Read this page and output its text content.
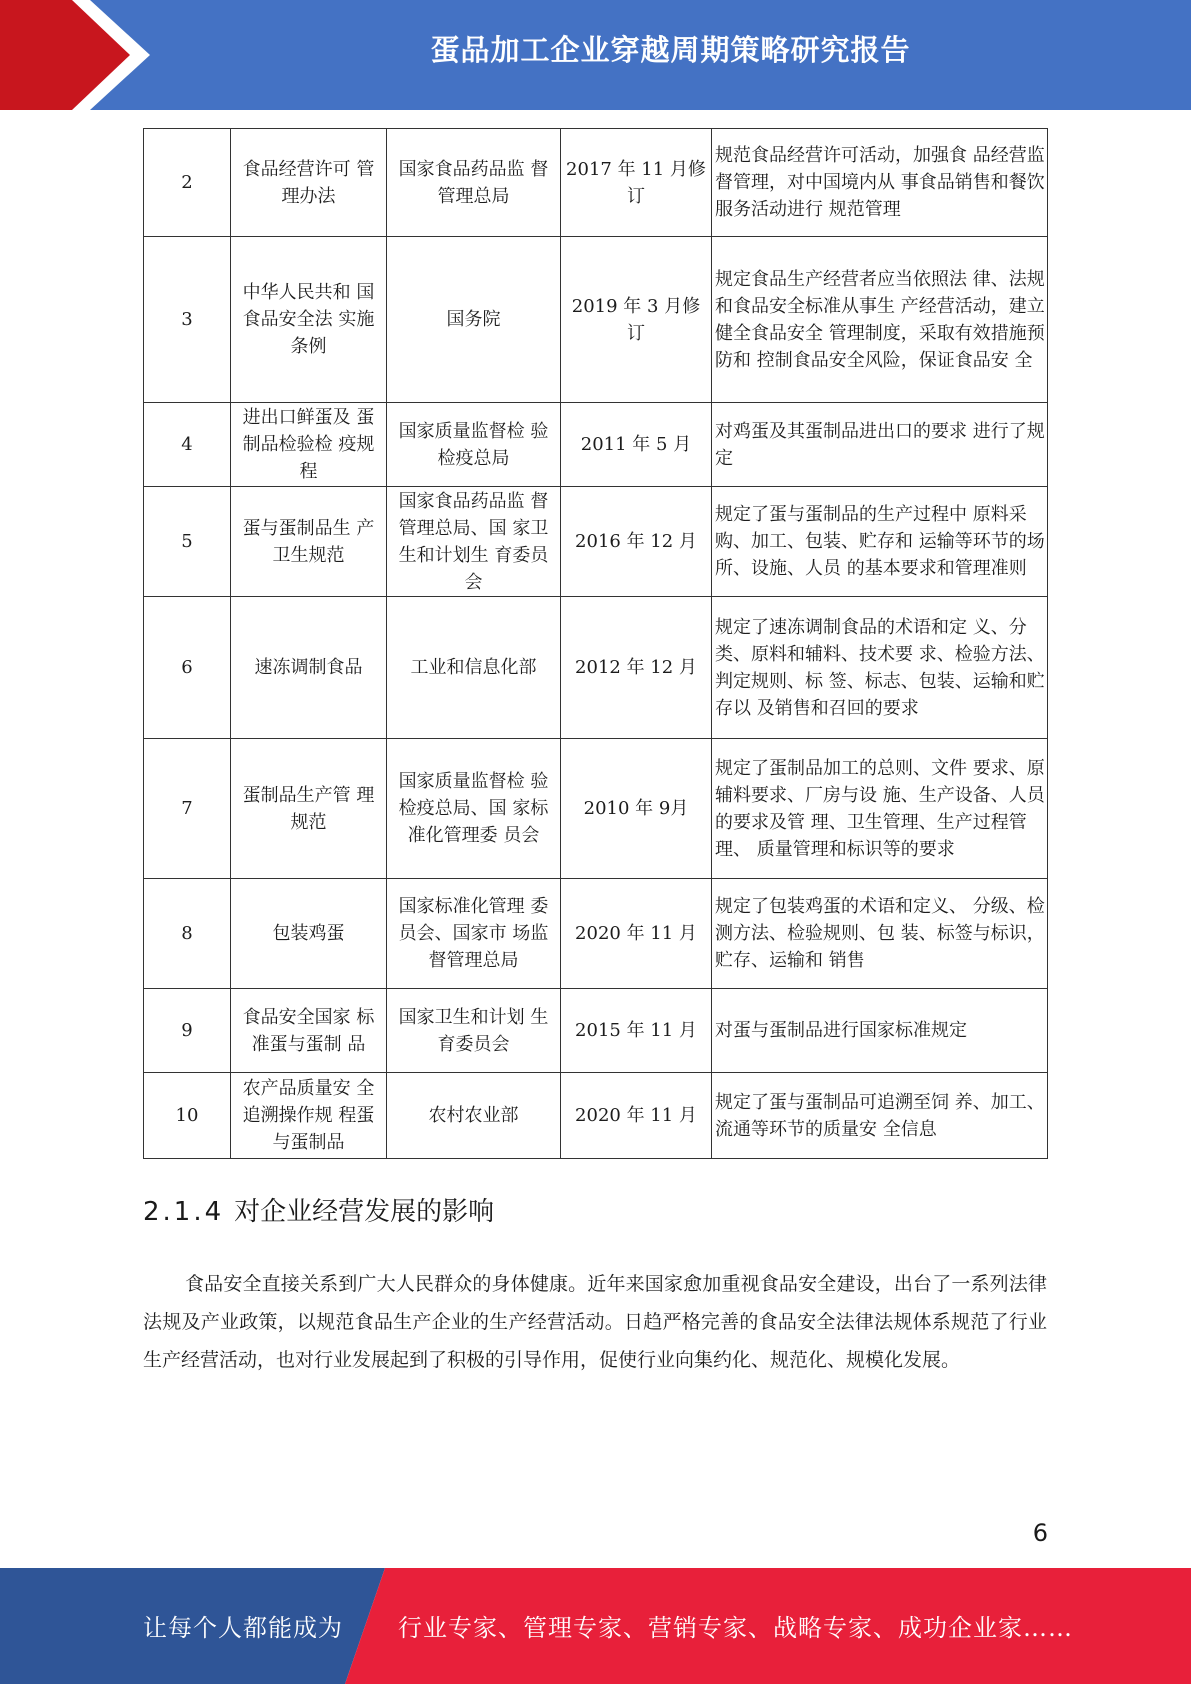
蛋品加工企业穿越周期策略研究报告
2	食品经营许可 管理办法	国家食品药品监 督管理总局	2017 年 11 月修订	规范食品经营许可活动，加强食 品经营监督管理，对中国境内从 事食品销售和餐饮服务活动进行 规范管理
3	中华人民共和 国食品安全法 实施条例	国务院	2019 年 3 月修订	规定食品生产经营者应当依照法 律、法规和食品安全标准从事生 产经营活动，建立健全食品安全 管理制度，采取有效措施预防和 控制食品安全风险，保证食品安 全
4	进出口鲜蛋及 蛋制品检验检 疫规程	国家质量监督检 验检疫总局	2011 年 5 月	对鸡蛋及其蛋制品进出口的要求 进行了规定
5	蛋与蛋制品生 产卫生规范	国家食品药品监 督管理总局、国 家卫生和计划生 育委员会	2016 年 12 月	规定了蛋与蛋制品的生产过程中 原料采购、加工、包装、贮存和 运输等环节的场所、设施、人员 的基本要求和管理准则
6	速冻调制食品	工业和信息化部	2012 年 12 月	规定了速冻调制食品的术语和定 义、分类、原料和辅料、技术要 求、检验方法、判定规则、标 签、标志、包装、运输和贮存以 及销售和召回的要求
7	蛋制品生产管 理规范	国家质量监督检 验检疫总局、国 家标准化管理委 员会	2010 年 9月	规定了蛋制品加工的总则、文件 要求、原辅料要求、厂房与设 施、生产设备、人员的要求及管 理、卫生管理、生产过程管理、 质量管理和标识等的要求
8	包装鸡蛋	国家标准化管理 委员会、国家市 场监督管理总局	2020 年 11 月	规定了包装鸡蛋的术语和定义、 分级、检测方法、检验规则、包 装、标签与标识，贮存、运输和 销售
9	食品安全国家 标准蛋与蛋制 品	国家卫生和计划 生育委员会	2015 年 11 月	对蛋与蛋制品进行国家标准规定
10	农产品质量安 全追溯操作规 程蛋与蛋制品	农村农业部	2020 年 11 月	规定了蛋与蛋制品可追溯至饲 养、加工、流通等环节的质量安 全信息
2.1.4 对企业经营发展的影响
食品安全直接关系到广大人民群众的身体健康。近年来国家愈加重视食品安全建设，出台了一系列法律法规及产业政策，以规范食品生产企业的生产经营活动。日趋严格完善的食品安全法律法规体系规范了行业生产经营活动，也对行业发展起到了积极的引导作用，促使行业向集约化、规范化、规模化发展。
6
让每个人都能成为 行业专家、管理专家、营销专家、战略专家、成功企业家……
